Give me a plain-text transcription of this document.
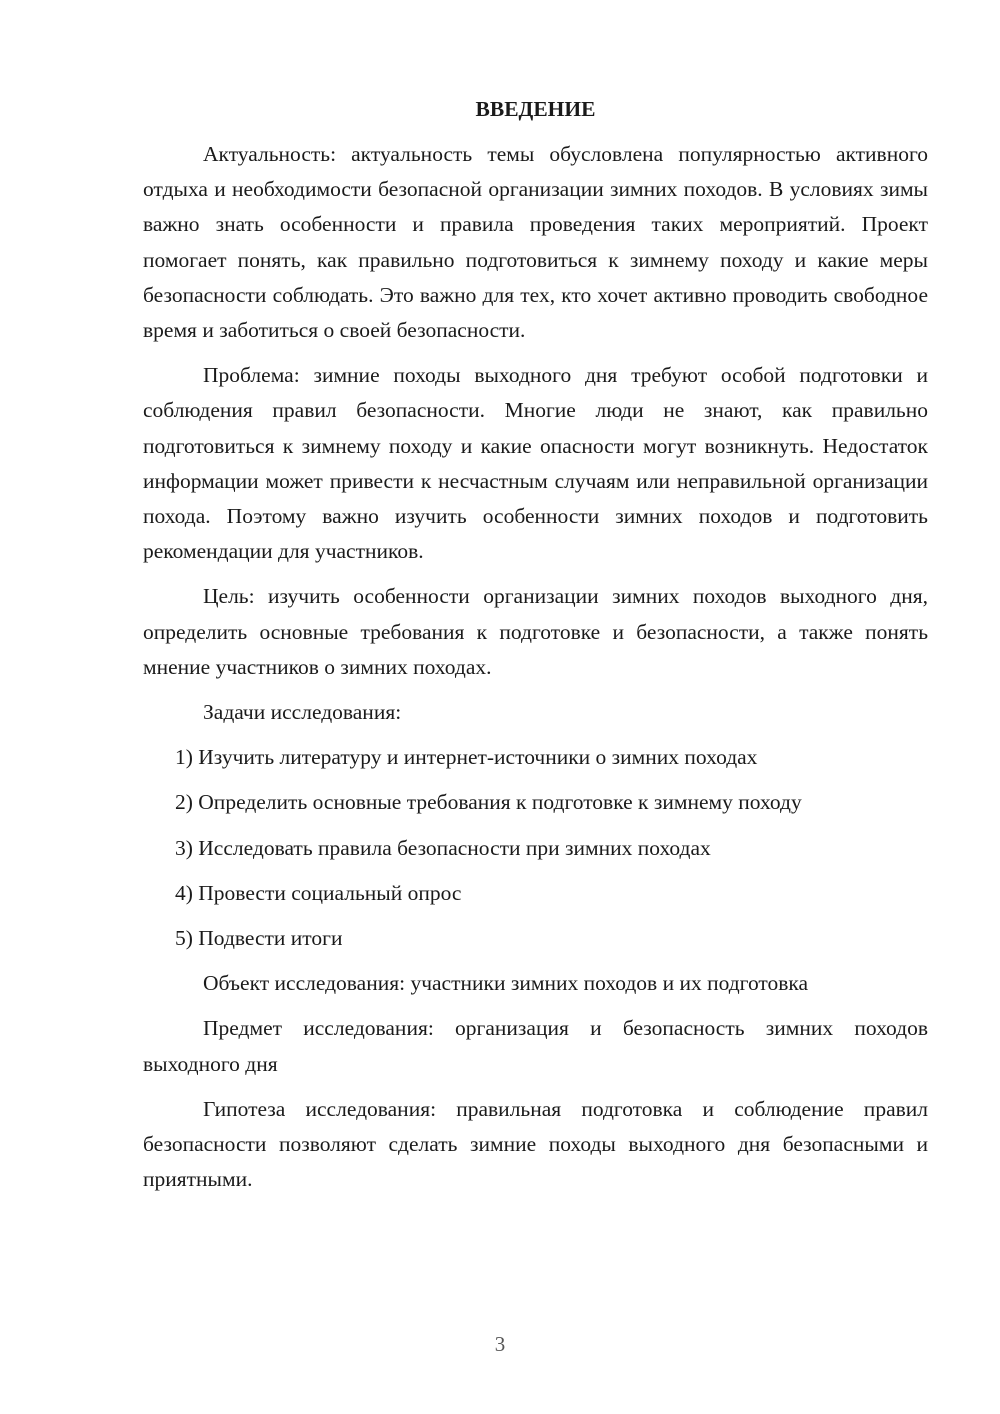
ВВЕДЕНИЕ

Актуальность: актуальность темы обусловлена популярностью активного отдыха и необходимости безопасной организации зимних походов. В условиях зимы важно знать особенности и правила проведения таких мероприятий. Проект помогает понять, как правильно подготовиться к зимнему походу и какие меры безопасности соблюдать. Это важно для тех, кто хочет активно проводить свободное время и заботиться о своей безопасности.

Проблема: зимние походы выходного дня требуют особой подготовки и соблюдения правил безопасности. Многие люди не знают, как правильно подготовиться к зимнему походу и какие опасности могут возникнуть. Недостаток информации может привести к несчастным случаям или неправильной организации похода. Поэтому важно изучить особенности зимних походов и подготовить рекомендации для участников.

Цель: изучить особенности организации зимних походов выходного дня, определить основные требования к подготовке и безопасности, а также понять мнение участников о зимних походах.

Задачи исследования:

1) Изучить литературу и интернет-источники о зимних походах
2) Определить основные требования к подготовке к зимнему походу
3) Исследовать правила безопасности при зимних походах
4) Провести социальный опрос
5) Подвести итоги

Объект исследования: участники зимних походов и их подготовка

Предмет исследования: организация и безопасность зимних походов выходного дня

Гипотеза исследования: правильная подготовка и соблюдение правил безопасности позволяют сделать зимние походы выходного дня безопасными и приятными.

3
